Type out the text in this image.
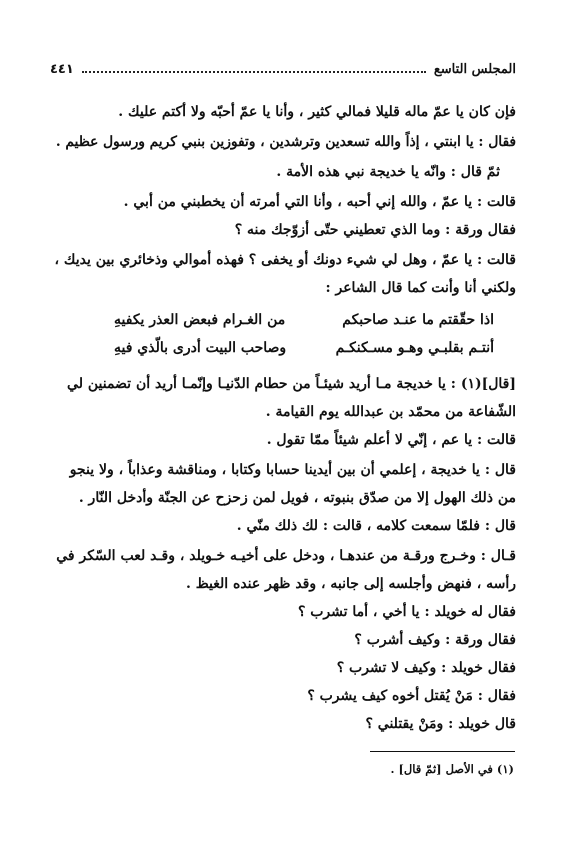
المجلس التاسع
٤٤١
فإن كان يا عمّ ماله قليلا فمالي كثير ، وأنا يا عمّ أحبّه ولا أكتم عليك .
فقال : يا ابنتي ، إذاً والله تسعدين وترشدين ، وتفوزين بنبي كريم ورسول عظيم .
ثمّ قال : وانّه يا خديجة نبي هذه الأمة .
قالت : يا عمّ ، والله إني أحبه ، وأنا التي أمرته أن يخطبني من أبي .
فقال ورقة : وما الذي تعطيني حتّى أزوّجك منه ؟
قالت : يا عمّ ، وهل لي شيء دونك أو يخفى ؟ فهذه أموالي وذخائري بين يديك ،
ولكني أنا وأنت كما قال الشاعر :
اذا حقّقتم ما عنـد صاحبكم
من الغـرام فبعض العذر يكفيهِ
أنتـم بقلبـي وهـو مسـكنكـم
وصاحب البيت أدرى بالّذي فيهِ
[قال](١) : يا خديجة مـا أريد شيئـاً من حطام الدّنيـا وإنّمـا أريد أن تضمنين لي
الشّفاعة من محمّد بن عبدالله يوم القيامة .
قالت : يا عم ، إنّي لا أعلم شيئاً ممّا تقول .
قال : يا خديجة ، إعلمي أن بين أيدينا حسابا وكتابا ، ومناقشة وعذاباً ، ولا ينجو
من ذلك الهول إلا من صدّق بنبوته ، فويل لمن زحزح عن الجنّة وأدخل النّار .
قال : فلمّا سمعت كلامه ، قالت : لك ذلك منّي .
قـال : وخـرج ورقـة من عندهـا ، ودخل على أخيـه خـويلد ، وقـد لعب السّكر في
رأسه ، فنهض وأجلسه إلى جانبه ، وقد ظهر عنده الغيظ .
فقال له خويلد : يا أخي ، أما تشرب ؟
فقال ورقة : وكيف أشرب ؟
فقال خويلد : وكيف لا تشرب ؟
فقال : مَنْ يُقتل أخوه كيف يشرب ؟
قال خويلد : ومَنْ يقتلني ؟
(١) في الأصل [ثمّ قال] .
